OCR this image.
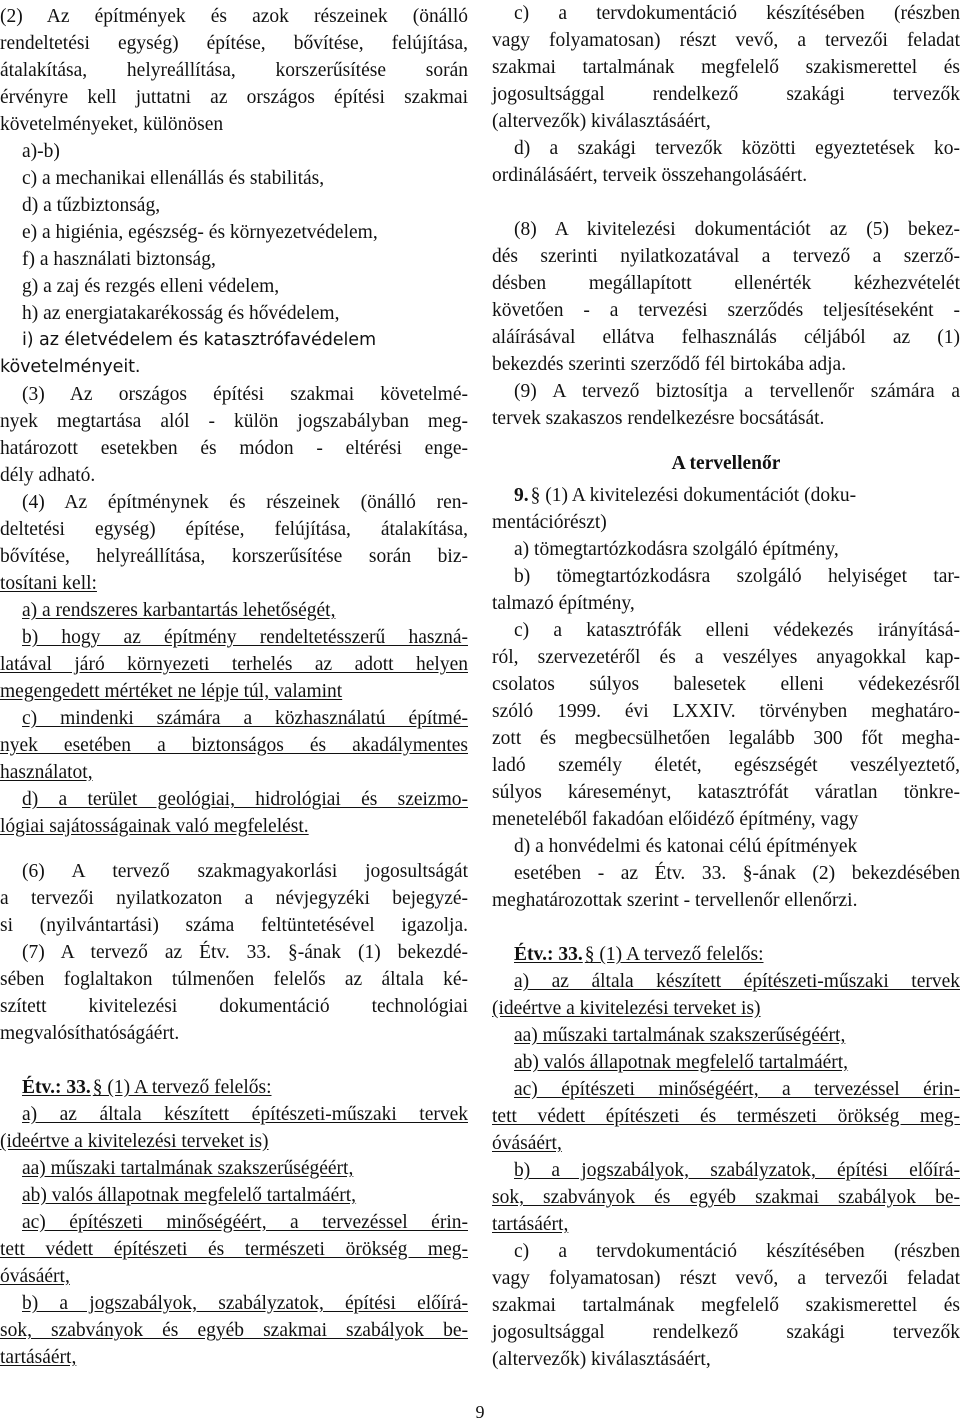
(2) Az építmények és azok részeinek (önálló
rendeltetési egység) építése, bővítése, felújítása,
átalakítása, helyreállítása, korszerűsítése során
érvényre kell juttatni az országos építési szakmai
követelményeket, különösen
a)-b)
c) a mechanikai ellenállás és stabilitás,
d) a tűzbiztonság,
e) a higiénia, egészség- és környezetvédelem,
f) a használati biztonság,
g) a zaj és rezgés elleni védelem,
h) az energiatakarékosság és hővédelem,
i) az életvédelem és katasztrófavédelem
követelményeit.
(3) Az országos építési szakmai követelmé-
nyek megtartása alól - külön jogszabályban meg-
határozott esetekben és módon - eltérési enge-
dély adható.
(4) Az építménynek és részeinek (önálló ren-
deltetési egység) építése, felújítása, átalakítása,
bővítése, helyreállítása, korszerűsítése során biz-
tosítani kell:
a) a rendszeres karbantartás lehetőségét,
b) hogy az építmény rendeltetésszerű haszná-
latával járó környezeti terhelés az adott helyen
megengedett mértéket ne lépje túl, valamint
c) mindenki számára a közhasználatú építmé-
nyek esetében a biztonságos és akadálymentes
használatot,
d) a terület geológiai, hidrológiai és szeizmo-
lógiai sajátosságainak való megfelelést.
(6) A tervező szakmagyakorlási jogosultságát
a tervezői nyilatkozaton a névjegyzéki bejegyzé-
si (nyilvántartási) száma feltüntetésével igazolja.
(7) A tervező az Étv. 33. §-ának (1) bekezdé-
sében foglaltakon túlmenően felelős az általa ké-
szített kivitelezési dokumentáció technológiai
megvalósíthatóságáért.
Étv.: 33. § (1) A tervező felelős:
a) az általa készített építészeti-műszaki tervek
(ideértve a kivitelezési terveket is)
aa) műszaki tartalmának szakszerűségéért,
ab) valós állapotnak megfelelő tartalmáért,
ac) építészeti minőségéért, a tervezéssel érin-
tett védett építészeti és természeti örökség meg-
óvásáért,
b) a jogszabályok, szabályzatok, építési előírá-
sok, szabványok és egyéb szakmai szabályok be-
tartásáért,
c) a tervdokumentáció készítésében (részben
vagy folyamatosan) részt vevő, a tervezői feladat
szakmai tartalmának megfelelő szakismerettel és
jogosultsággal rendelkező szakági tervezők
(altervezők) kiválasztásáért,
d) a szakági tervezők közötti egyeztetések ko-
ordinálásáért, terveik összehangolásáért.
(8) A kivitelezési dokumentációt az (5) bekez-
dés szerinti nyilatkozatával a tervező a szerző-
désben megállapított ellenérték kézhezvételét
követően - a tervezési szerződés teljesítéseként -
aláírásával ellátva felhasználás céljából az (1)
bekezdés szerinti szerződő fél birtokába adja.
(9) A tervező biztosítja a tervellenőr számára a
tervek szakaszos rendelkezésre bocsátását.
A tervellenőr
9. § (1) A kivitelezési dokumentációt (doku-
mentációrészt)
a) tömegtartózkodásra szolgáló építmény,
b) tömegtartózkodásra szolgáló helyiséget tar-
talmazó építmény,
c) a katasztrófák elleni védekezés irányításá-
ról, szervezetéről és a veszélyes anyagokkal kap-
csolatos súlyos balesetek elleni védekezésről
szóló 1999. évi LXXIV. törvényben meghatáro-
zott és megbecsülhetően legalább 300 főt megha-
ladó személy életét, egészségét veszélyeztető,
súlyos káreseményt, katasztrófát váratlan tönkre-
meneteléből fakadóan előidéző építmény, vagy
d) a honvédelmi és katonai célú építmények
esetében - az Étv. 33. §-ának (2) bekezdésében
meghatározottak szerint - tervellenőr ellenőrzi.
Étv.: 33. § (1) A tervező felelős:
a) az általa készített építészeti-műszaki tervek
(ideértve a kivitelezési terveket is)
aa) műszaki tartalmának szakszerűségéért,
ab) valós állapotnak megfelelő tartalmáért,
ac) építészeti minőségéért, a tervezéssel érin-
tett védett építészeti és természeti örökség meg-
óvásáért,
b) a jogszabályok, szabályzatok, építési előírá-
sok, szabványok és egyéb szakmai szabályok be-
tartásáért,
c) a tervdokumentáció készítésében (részben
vagy folyamatosan) részt vevő, a tervezői feladat
szakmai tartalmának megfelelő szakismerettel és
jogosultsággal rendelkező szakági tervezők
(altervezők) kiválasztásáért,
9
